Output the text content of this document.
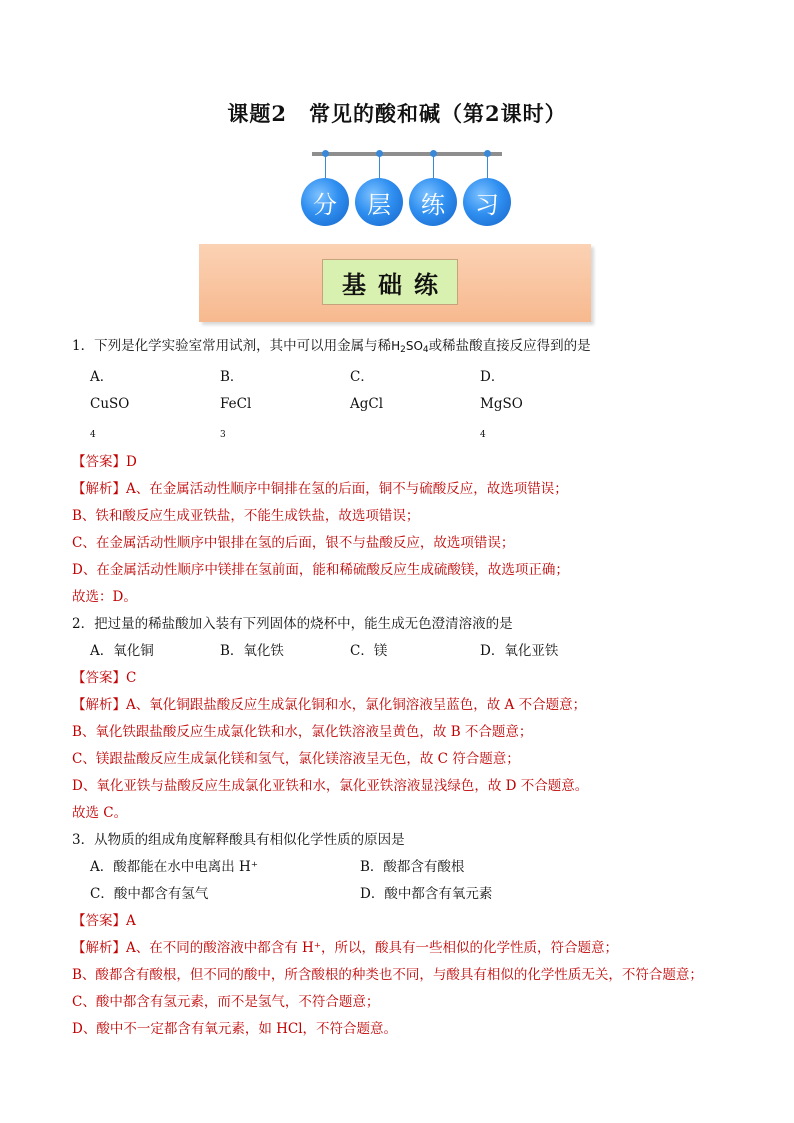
课题2　常见的酸和碱（第2课时）
分	层	练	习
基础练

1．下列是化学实验室常用试剂，其中可以用金属与稀$H_2SO_4$或稀盐酸直接反应得到的是

A．CuSO$_4$
B．FeCl$_3$
C．AgCl
D．MgSO$_4$

【答案】D

【解析】A、在金属活动性顺序中铜排在氢的后面，铜不与硫酸反应，故选项错误；

B、铁和酸反应生成亚铁盐，不能生成铁盐，故选项错误；

C、在金属活动性顺序中银排在氢的后面，银不与盐酸反应，故选项错误；

D、在金属活动性顺序中镁排在氢前面，能和稀硫酸反应生成硫酸镁，故选项正确；

故选：D。

2．把过量的稀盐酸加入装有下列固体的烧杯中，能生成无色澄清溶液的是

A．氧化铜	B．氧化铁	C．镁	D．氧化亚铁

【答案】C

【解析】A、氧化铜跟盐酸反应生成氯化铜和水，氯化铜溶液呈蓝色，故 A 不合题意；

B、氧化铁跟盐酸反应生成氯化铁和水，氯化铁溶液呈黄色，故 B 不合题意；

C、镁跟盐酸反应生成氯化镁和氢气，氯化镁溶液呈无色，故 C 符合题意；

D、氧化亚铁与盐酸反应生成氯化亚铁和水，氯化亚铁溶液显浅绿色，故 D 不合题意。

故选 C。

3．从物质的组成角度解释酸具有相似化学性质的原因是

A．酸都能在水中电离出 H⁺	B．酸都含有酸根
C．酸中都含有氢气	D．酸中都含有氧元素

【答案】A

【解析】A、在不同的酸溶液中都含有 H⁺，所以，酸具有一些相似的化学性质，符合题意；

B、酸都含有酸根，但不同的酸中，所含酸根的种类也不同，与酸具有相似的化学性质无关，不符合题意；

C、酸中都含有氢元素，而不是氢气，不符合题意；

D、酸中不一定都含有氧元素，如 HCl，不符合题意。
